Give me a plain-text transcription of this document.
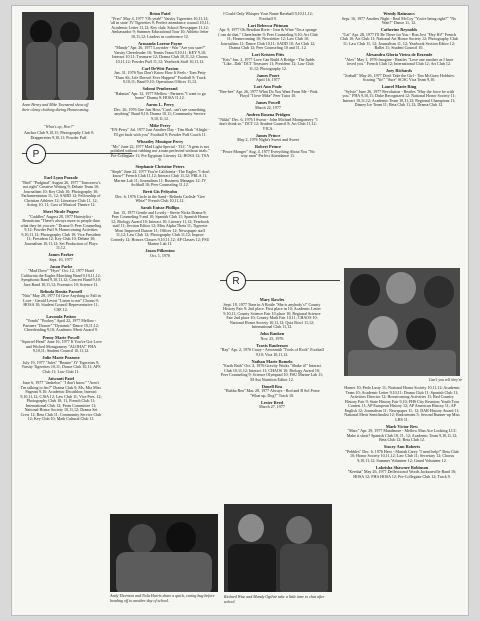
Anne Henry and Mike Townsend show off their classy clothing during Homecoming.
"Whut's up, Hon?"
Anchor Club 9,10,11; Photography Club 9;
Drapperettes 9,10,11; Powder Puff.
P
Earl Lynn Pozzole
"Bird" "Pudginal" August 26, 1977 "Tomorrow's not right" Creative Writing 9; Debate Team 10; Journalism 10; Key Club 10; Photography 10; Parliamentarian 11, 12; SADD 12; Fellowship of Christian Athletes 12; Literature Club 11, 12; Acting 10, 11; Cast of Musical Theatre 12.
Sheri Nicole Pugese
"Cuddles" August 28, 1977 Hairstylist - Beautician "There's always more to people than what they let you see." Drama 9; Peer Counseling 9,12; Powder Puff 9; Homecoming Activities 9,10,11,12; Photography Club 10; Vice President 11; President 12; Key Club 10; Debate 10; Journalism 10,11,12; Set Production of Plays 11,12.
James Parker
Sept. 10, 1977
Jason Parke
"Mad Dove" "Hyer" Oct. 12, 1977 Hotel California the Eagles Marching Band 9,10,11,12; Symphonic Band 9,10,11,12; Concert Band 9,10; Jazz Band 10,11,12; Forensics 10; Science 11.
Belinda Renita Parnell
"Nita" May 28, 1977 I'd Give Anything to Fall in Love - Gerald Levert "Listen to me" Chorus 9; HOSA 10; Student Council Representative 11; CSE 12.
Lavonda Patton
"Vonda" "Pookey" April 22, 1977 Mellow - Partners "Dancer" "Dynamic" Dance 10,11,12; Cheerleading 9,10; Academic Merit Award 9.
Penny Marie Powell
"Squirrel Head" June 16, 1977 If You've Got Love and Wicked Montgomery "ALOHA!" FHA 9,10,11; Student Council 10,11,12.
Julie Marie Pozzone
July 19, 1977 "Jules" "Beanie" JV Tigerettes 9; Varsity Tigerettes 10,11; Dance Club 10,11; AFS Club 11; Law Club 11.
Jaiwanti Patel
June 6, 1977 "Jankeloo" "I don't know" "Aren't I'm talking to her?" Drama Club 9; Ms. Mia Miss Pageant 9,10; Academic Decathlon; Interact 9,10,11,12; CJSA 12; Law Club 11; Vice Pres. 12; Photography Club 10; 11, French Club 11; International Club 12; Prom Committee 11; National Honor Society 10,11,12; Drama Set Crew 12; Beta Club 11; Community Service Club 12; Key Club 10; Math Cultural Club 11.
Brian Patel
"Freo" May 4, 1977 "Oh yeah!" Varsity Tigerettes 10,11,12; 'all in state' JV Tigerettes 9; Perfect attendance council 10,11; Academic Letter 11,12; Key club; School Newspaper 11,12; Ambassador 9; Summer Educational Tour 10; Athletic letter 10,11,12; Leaders in conference 12.
Armanda Lorene Payne
"Mandy" Apr. 26, 1977 Lowrider - War "Are you sure?" Varsity Cheerleader 10; Tennis Team 9,10,11; KEY 9,10; Interact 10,11; Treasurer 12; Drama Club 10,11,12; Chorus 10,11,12; Powder Puff 11,12; Yearbook Staff 10,11,12.
Carl DeWitt Paxton
Jan. 31, 1976 You Don't Know How It Feels - Tom Petty "Dam Ah, Life Doesn't Ever Happen!" Football 9; Track 9,10,11; Band 9,10; Operations Officer 11,12.
Solomi Pemberand
"Rahmin" Apr. 12, 1977 Mellow - Partners "I want to go home" Drama 9; HOSA 11,12.
Aaron L. Perry
Dec. 26, 1976 Gee Just Hoss "Can't, can't see something, anything" Band 9,10; Drama 10,11; Community Service 9,10,11,12.
Mike Perry
"EN-Perry" Jul. 1977 Just Another Day - Tim Shah "Alright - I'll get back with you" Football 9; Powder Puff Coach 11.
Wheatley Monique Perry
"Mo" June 22, 1977 Mad Light Special - TLC "A gem is not polished without rubbing nor a man perfected without trials." Pre-Collegiate 11; Pre Egyptian Literary 12; HOSA 12; TSA 9.
Stephanie Christine Peters
"Steph" June 22, 1977 You're California - The Eagles "I don't know!" French Club 11,12; Interact Club 11,12; FBLA 11; Marine Lab 11; Journalism 11; Business Manager 12; JV Softball 10; Peer Counseling 11,12.
Brett Gis Peltyohn
Dec. 6, 1976 Circle in the Sand - Belinda Carlisle "Gee Whiz!" French Club 10,11,12.
Sarah Enisse Phillips
Jun. 15, 1977 Gentle and Lovely - Stevie Nicks Drama 9; Peer Counseling 9 and 10; Spanish Club 11; Spanish Honor 12; Biology Award 10; Interact 10; Literary 11,12; Yearbook staff 11; Section Editor 12; Miss Alpha Theta 11; Tigerette Most Improved Dancer 11; Officer 12; Newspaper staff 11,12; Law Club 12; Photography Club 11,12; Improv Comedy 12; Honors Classes 9,10,11,12; AP Classes 12; FSU Marine Lab 11.
Jason Pilkenton
Oct. 1, 1976
Andy Thornton and Nola Harris share a quick, caring hug before heading off to another day of school.
I Could Only Whisper Your Name Baseball 9,10,11,12; Football 9.
Lori Rebecca Pittman
Apr. 9, 1977 Oh Bendian River - Iron & Wine "I'm a sponge ( can do that," Cheerleader 9; Peer Counseling 9,10; Art Club 11; Homecoming 10; Newsletter 12; Law Club 10; Journalism 11; Dance Club 10,11; SADD 10; Art Club 12; Drama Club 12; Peer Counseling 10 and 11, 12.
Lori Kristen Pitts
"Kris" Jun. 2, 1977 Love Can Build A Bridge - The Judds "Like...Dah" DCT Treasurer 11; President 12; Law Club 11,12; Photography 12.
James Poort
April 16, 1977
Lori Ann Poole
"Bee-bee" Apr. 26, 1977 What Do You Want From Me - Pink Floyd "I love Mike" Peer Tutor 10.
James Powell
March 22, 1977
Andrea Rosena Pridgen
"Nikki" Dec. 6, 1976 I Swear - John Michael Montgomery "I don't think so." DCT 12; Student Council 8; Art Club 11,12; VICA.
James Prince
May 2, 1976 Night's Sweet and Sweet
Robert Prince
"Peace Monger" Aug. 4, 1977 Everything About You "No way man" Perfect Attendance 11.
R
Mary Rawles
Sept. 18, 1977 Time in A Bottle "She is anybody's!" County History Fair 9; 2nd place. First place in 10; Academic Letter 9,10,11; County Science Fair 10 place 10; Regional Science Fair 2nd place 10; County Math Fair 10,11; CHAOS 10; National Honor Society 10,11,12; Quiz Bowl 11,12; International Club 11,12.
John Ranken
Nov. 25, 1976
Travis Raulerson
"Ray" Apr. 2, 1976 Crazy - Aerosmith "Tools of Rock" Football 9,10; Vica 10,11,12.
Nathan Marie Romelo
"Earth Bath" Oct. 2, 1976 Gravity Works "Shake it!" Interact Club 10,11,12; Interact 11; CHAOS 10; Biology Award 10; Peer Counseling 9; Science Olympiad 10; FSU Marine Lab 11; M Aut Nutrition Editor 12.
Donell Rea
"Bubba Rea" Mar. 28, 1977 Always - Rod and B Sol Posse "What up, Dog?" Track 10.
Lester Reed
March 27, 1977
Richard Wise and Mandy Ogilvie take a little time to chat after school.
Wendy Rainsaws
Sept. 16, 1977 Another Night - Real McCoy "You're being right?" "No Wait?" Dance 11, 12.
Catherine Reynolds
"Cat" Apr. 28, 1977 I'll Be There for You - Bon Jovi "Hey Hi!" French Club 10; Art Club 11; National Art Honor Society 12; Photography Club 11; Law Club 11, 12; Journalism 11, 12; Yearbook Section Editor 12; Ballet 11; Student Council 10.
Alexandra Gloria Vieira de Rezende
"Alex" May 1, 1976 Imagine - Beatles "Love one another as I have loved you." French Club 12; International Club 12; Art Club 12.
Joey Richards
"Joeball" May 26, 1977 Don't Take the Girl - Tim McGraw Hobbies: Scaring "Yo!" "Sure" SCSC Vica Team 9,10.
Laurel Marie Ring
"Sylvie" June 26, 1977 Revolution - Beatles "May the force be with you." FHA 9,10,11; Duke Recognized 12; National Honor Society 11; Interact 10,11,12; Academic Team 10,11,12; Regional Champions 11; Disney Ice Team 11; Beta Club 11,12; Drama Club 12.
Can't you tell they're
Homer 10; Pedo Lusty 11; National Honor Society 10,11,12; Academic Team 10; Academic Letter 9,10,11; Drama Club 11; Spanish Club 11; Activities Director 12; Homecoming Activities 11; Red Country History Fair 9; State History Fair 9,10; FHS City Reunion; Youth Tour Contest 11; AP European History 12; AP American History 11; AP English 12; Journalism 11; Newspaper 11, 12; DAR History Award 11; National Merit Semifinalist 12; Endowment 5; Second Runner-up Miss LHS 11.
Mark Victor Rew
"Marc" Apr. 29, 1977 Mandmore - Mellow Man Ace Looking LCC Make it short? Spanish Club 10, 11, 12; Academic Team 9,10,11,12; Beta Club 12; Beta Club 12.
Stacey Ann Roberts
"Pebbles" Dec. 6, 1976 Hero - Mariah Carey "I need help!" Beta Club 10; Honor Society 10,11,12; Law Club 11; Secretary 12; Chorus 9,10,11,12; Summer Volunteer 12; Guard Volunteer 12.
Lakeisha Shawnee Robinson
"Keesha" May 26, 1977 Deflectionof Words Jacksonville Band 10; HOSA 12; FHA HOSA 12; Pre-Collegiate Club 12; Track 9.
